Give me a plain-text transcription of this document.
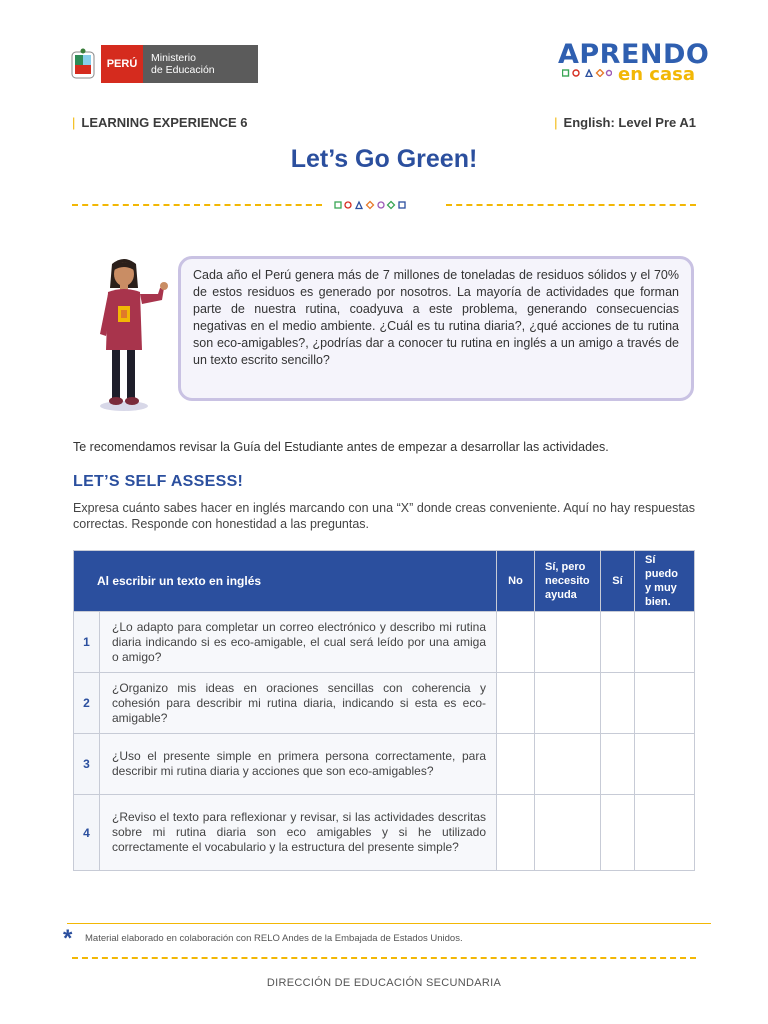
PERÚ	Ministerio
de Educación	APRENDO
en casa
| LEARNING EXPERIENCE 6	| English: Level Pre A1
Let’s Go Green!

Cada año el Perú genera más de 7 millones de toneladas de residuos sólidos y el 70% de estos residuos es generado por nosotros. La mayoría de actividades que forman parte de nuestra rutina, coadyuva a este problema, generando consecuencias negativas en el medio ambiente. ¿Cuál es tu rutina diaria?, ¿qué acciones de tu rutina son eco-amigables?, ¿podrías dar a conocer tu rutina en inglés a un amigo a través de un texto escrito sencillo?

Te recomendamos revisar la Guía del Estudiante antes de empezar a desarrollar las actividades.

LET’S SELF ASSESS!

Expresa cuánto sabes hacer en inglés marcando con una “X” donde creas conveniente. Aquí no hay respuestas correctas. Responde con honestidad a las preguntas.

Al escribir un texto en inglés		No	Sí, pero necesito ayuda	Sí	Sí puedo y muy bien.
1	¿Lo adapto para completar un correo electrónico y describo mi rutina diaria indicando si es eco-amigable, el cual será leído por una amiga o amigo?				
2	¿Organizo mis ideas en oraciones sencillas con coherencia y cohesión para describir mi rutina diaria, indicando si esta es eco-amigable?				
3	¿Uso el presente simple en primera persona correctamente, para describir mi rutina diaria y acciones que son eco-amigables?				
4	¿Reviso el texto para reflexionar y revisar, si las actividades descritas sobre mi rutina diaria son eco amigables y si he utilizado correctamente el vocabulario y la estructura del presente simple?				
* Material elaborado en colaboración con RELO Andes de la Embajada de Estados Unidos.

DIRECCIÓN DE EDUCACIÓN SECUNDARIA
